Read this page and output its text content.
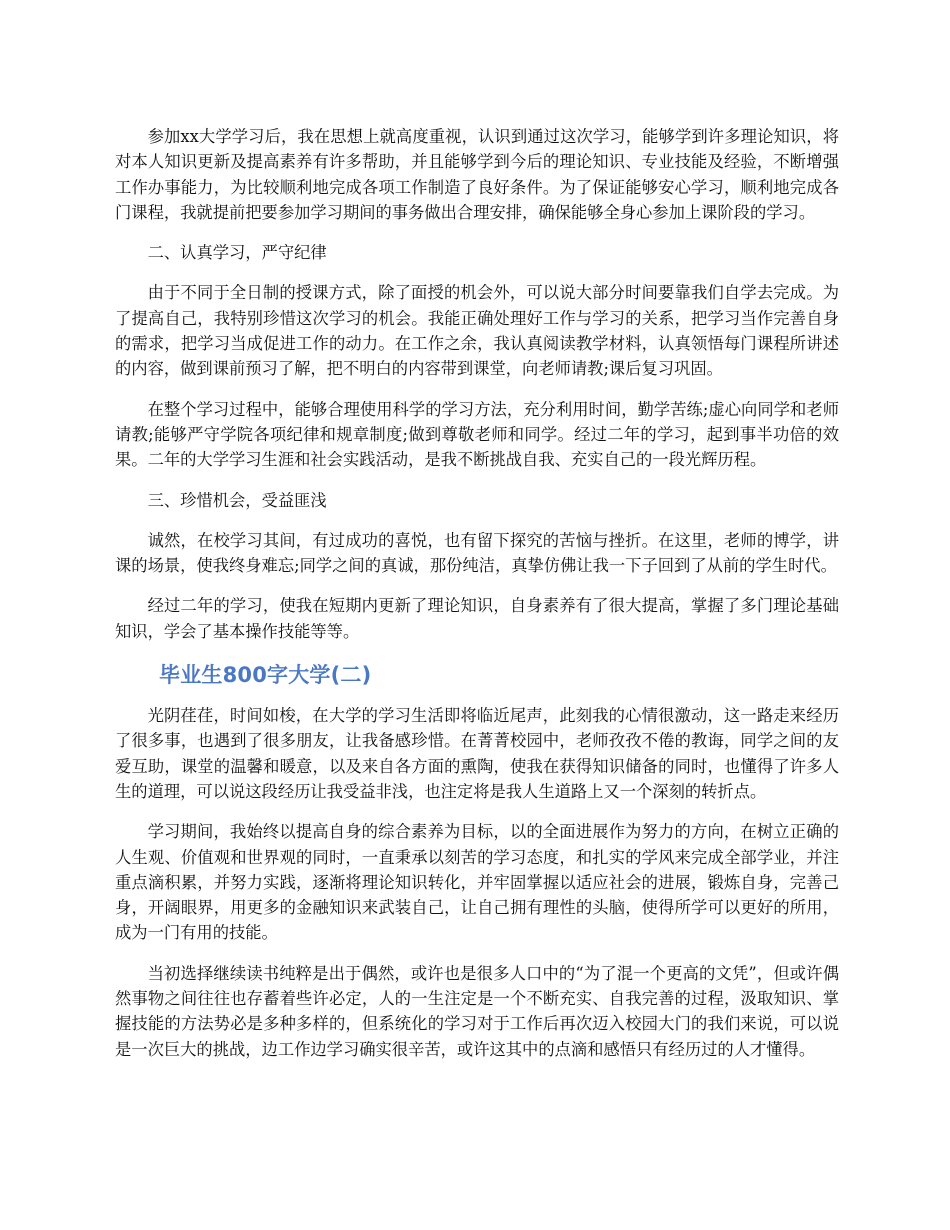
参加xx大学学习后，我在思想上就高度重视，认识到通过这次学习，能够学到许多理论知识，将对本人知识更新及提高素养有许多帮助，并且能够学到今后的理论知识、专业技能及经验，不断增强工作办事能力，为比较顺利地完成各项工作制造了良好条件。为了保证能够安心学习，顺利地完成各门课程，我就提前把要参加学习期间的事务做出合理安排，确保能够全身心参加上课阶段的学习。

二、认真学习，严守纪律

由于不同于全日制的授课方式，除了面授的机会外，可以说大部分时间要靠我们自学去完成。为了提高自己，我特别珍惜这次学习的机会。我能正确处理好工作与学习的关系，把学习当作完善自身的需求，把学习当成促进工作的动力。在工作之余，我认真阅读教学材料，认真领悟每门课程所讲述的内容，做到课前预习了解，把不明白的内容带到课堂，向老师请教;课后复习巩固。

在整个学习过程中，能够合理使用科学的学习方法，充分利用时间，勤学苦练;虚心向同学和老师请教;能够严守学院各项纪律和规章制度;做到尊敬老师和同学。经过二年的学习，起到事半功倍的效果。二年的大学学习生涯和社会实践活动，是我不断挑战自我、充实自己的一段光辉历程。

三、珍惜机会，受益匪浅

诚然，在校学习其间，有过成功的喜悦，也有留下探究的苦恼与挫折。在这里，老师的博学，讲课的场景，使我终身难忘;同学之间的真诚，那份纯洁，真挚仿佛让我一下子回到了从前的学生时代。

经过二年的学习，使我在短期内更新了理论知识，自身素养有了很大提高，掌握了多门理论基础知识，学会了基本操作技能等等。

毕业生800字大学(二)

光阴荏荏，时间如梭，在大学的学习生活即将临近尾声，此刻我的心情很激动，这一路走来经历了很多事，也遇到了很多朋友，让我备感珍惜。在菁菁校园中，老师孜孜不倦的教诲，同学之间的友爱互助，课堂的温馨和暖意，以及来自各方面的熏陶，使我在获得知识储备的同时，也懂得了许多人生的道理，可以说这段经历让我受益非浅，也注定将是我人生道路上又一个深刻的转折点。

学习期间，我始终以提高自身的综合素养为目标，以的全面进展作为努力的方向，在树立正确的人生观、价值观和世界观的同时，一直秉承以刻苦的学习态度，和扎实的学风来完成全部学业，并注重点滴积累，并努力实践，逐渐将理论知识转化，并牢固掌握以适应社会的进展，锻炼自身，完善己身，开阔眼界，用更多的金融知识来武装自己，让自己拥有理性的头脑，使得所学可以更好的所用，成为一门有用的技能。

当初选择继续读书纯粹是出于偶然，或许也是很多人口中的“为了混一个更高的文凭”，但或许偶然事物之间往往也存蓄着些许必定，人的一生注定是一个不断充实、自我完善的过程，汲取知识、掌握技能的方法势必是多种多样的，但系统化的学习对于工作后再次迈入校园大门的我们来说，可以说是一次巨大的挑战，边工作边学习确实很辛苦，或许这其中的点滴和感悟只有经历过的人才懂得。
